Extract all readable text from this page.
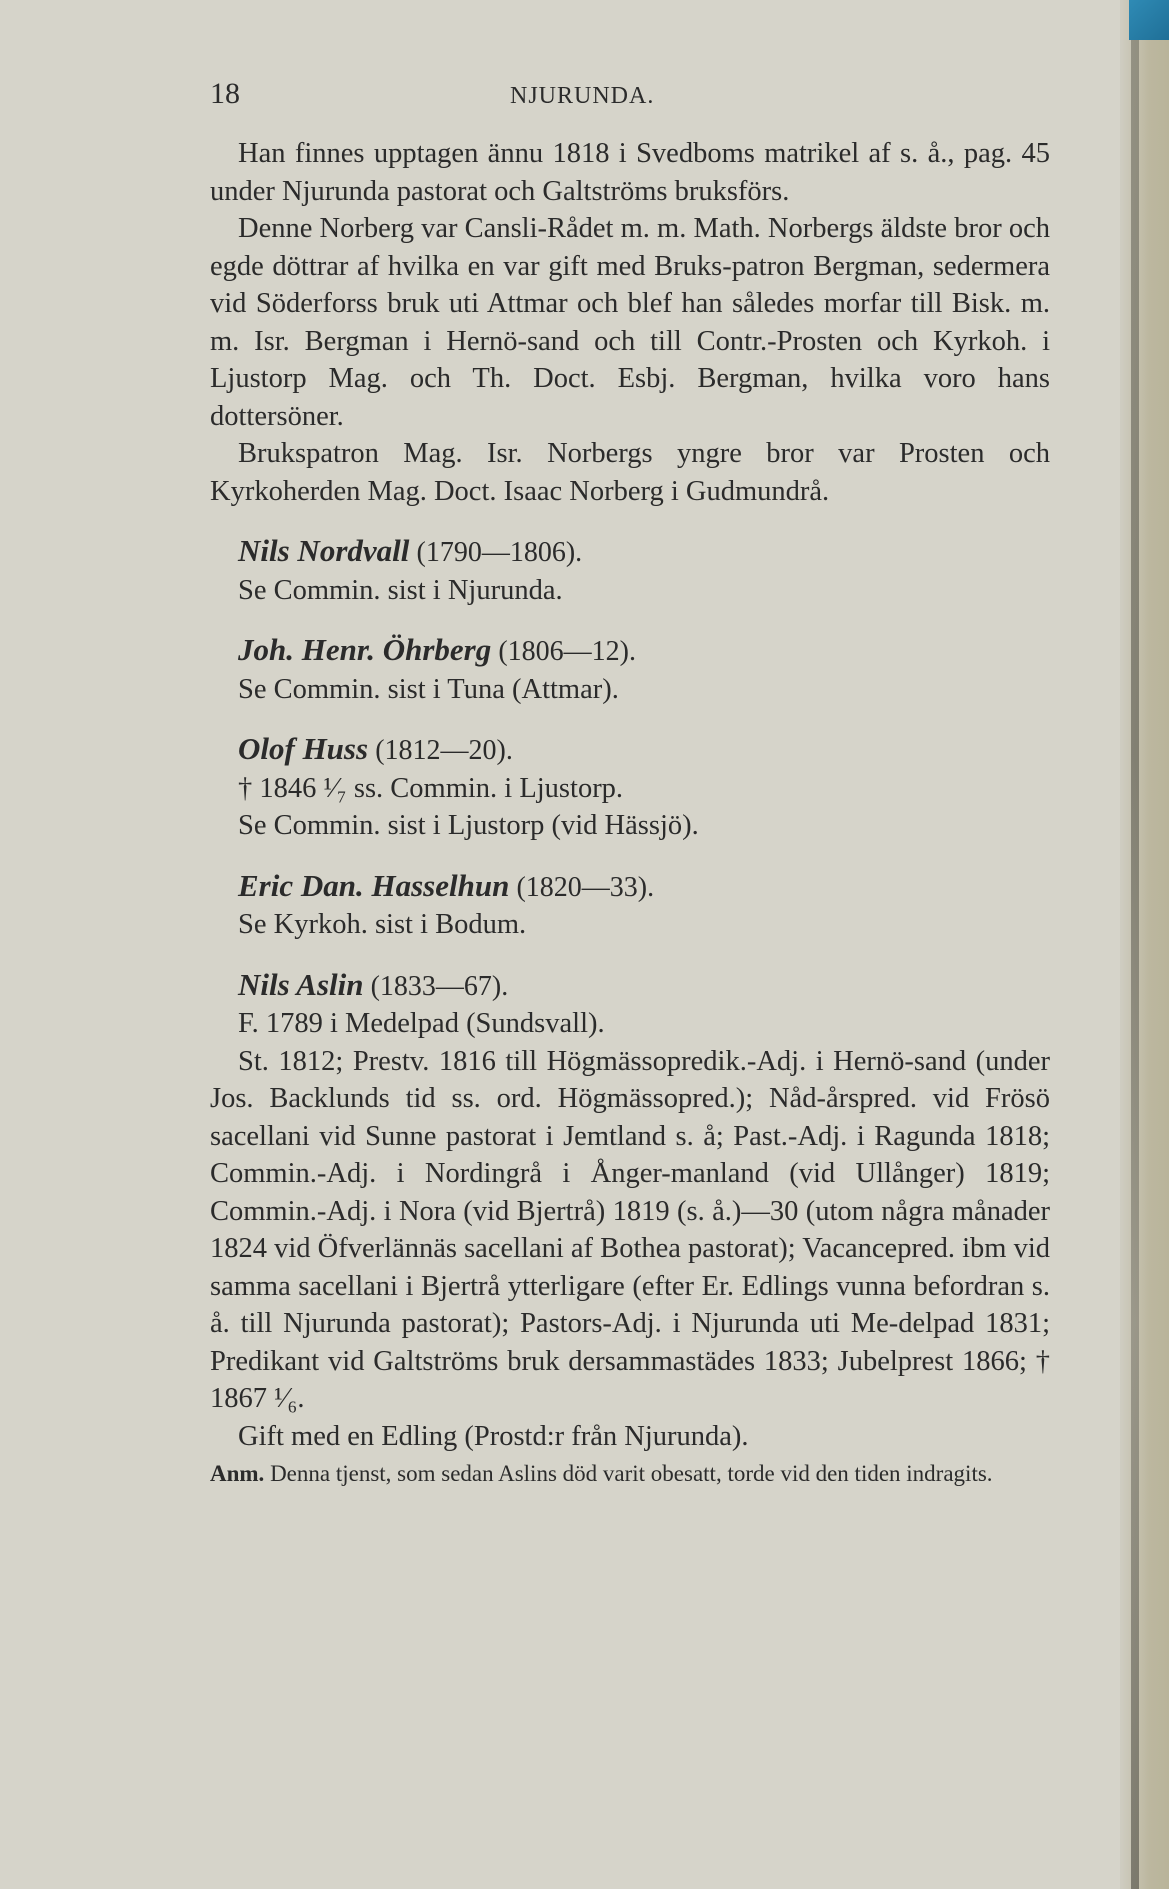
18	NJURUNDA.

Han finnes upptagen ännu 1818 i Svedboms matrikel af s. å., pag. 45 under Njurunda pastorat och Galtströms bruksförs.

Denne Norberg var Cansli-Rådet m. m. Math. Norbergs äldste bror och egde döttrar af hvilka en var gift med Bruks-patron Bergman, sedermera vid Söderforss bruk uti Attmar och blef han således morfar till Bisk. m. m. Isr. Bergman i Hernö-sand och till Contr.-Prosten och Kyrkoh. i Ljustorp Mag. och Th. Doct. Esbj. Bergman, hvilka voro hans dottersöner.

Brukspatron Mag. Isr. Norbergs yngre bror var Prosten och Kyrkoherden Mag. Doct. Isaac Norberg i Gudmundrå.

Nils Nordvall (1790—1806).

Se Commin. sist i Njurunda.

Joh. Henr. Öhrberg (1806—12).

Se Commin. sist i Tuna (Attmar).

Olof Huss (1812—20).

† 1846 ¹⁄₇ ss. Commin. i Ljustorp.

Se Commin. sist i Ljustorp (vid Hässjö).

Eric Dan. Hasselhun (1820—33).

Se Kyrkoh. sist i Bodum.

Nils Aslin (1833—67).

F. 1789 i Medelpad (Sundsvall).

St. 1812; Prestv. 1816 till Högmässopredik.-Adj. i Hernö-sand (under Jos. Backlunds tid ss. ord. Högmässopred.); Nåd-årspred. vid Frösö sacellani vid Sunne pastorat i Jemtland s. å; Past.-Adj. i Ragunda 1818; Commin.-Adj. i Nordingrå i Ånger-manland (vid Ullånger) 1819; Commin.-Adj. i Nora (vid Bjertrå) 1819 (s. å.)—30 (utom några månader 1824 vid Öfverlännäs sacellani af Bothea pastorat); Vacancepred. ibm vid samma sacellani i Bjertrå ytterligare (efter Er. Edlings vunna befordran s. å. till Njurunda pastorat); Pastors-Adj. i Njurunda uti Me-delpad 1831; Predikant vid Galtströms bruk dersammastädes 1833; Jubelprest 1866; † 1867 ¹⁄₆.

Gift med en Edling (Prostd:r från Njurunda).

Anm. Denna tjenst, som sedan Aslins död varit obesatt, torde vid den tiden indragits.
